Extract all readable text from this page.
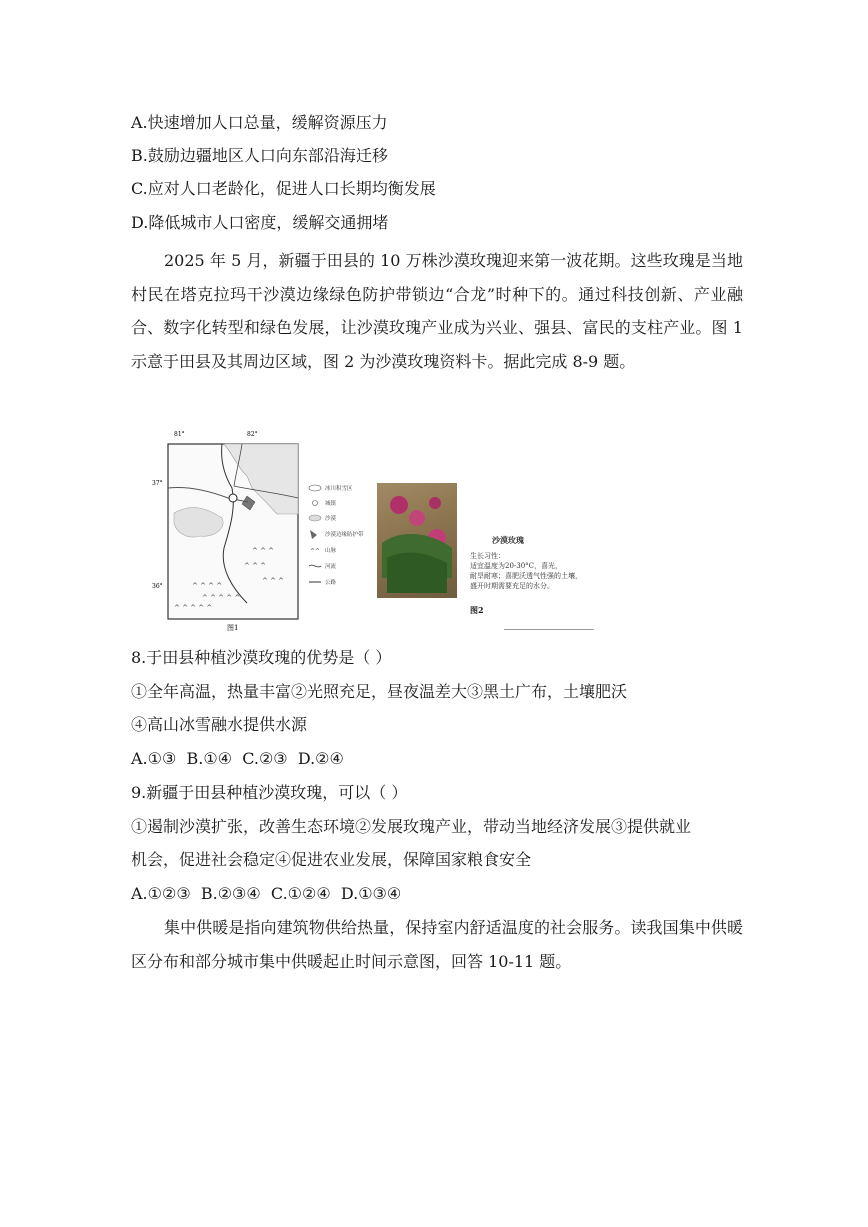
A.快速增加人口总量，缓解资源压力
B.鼓励边疆地区人口向东部沿海迁移
C.应对人口老龄化，促进人口长期均衡发展
D.降低城市人口密度，缓解交通拥堵
2025 年 5 月，新疆于田县的 10 万株沙漠玫瑰迎来第一波花期。这些玫瑰是当地村民在塔克拉玛干沙漠边缘绿色防护带锁边“合龙”时种下的。通过科技创新、产业融合、数字化转型和绿色发展，让沙漠玫瑰产业成为兴业、强县、富民的支柱产业。图 1 示意于田县及其周边区域，图 2 为沙漠玫瑰资料卡。据此完成 8-9 题。
^ ^ ^ ^
^ ^ ^ ^ ^
^ ^ ^
^ ^ ^
^ ^ ^
^ ^ ^ ^ ^
81°	82°
37°
36°
图1
冰川积雪区
城镇
沙漠
沙漠边缘防护带
^^ 山脉
河流
公路
沙漠玫瑰
生长习性：
适宜温度为20-30°C，喜光，
耐旱耐寒；喜肥沃透气性强的土壤，
盛开时期需要充足的水分。
图2
8.于田县种植沙漠玫瑰的优势是（ ）
①全年高温，热量丰富②光照充足，昼夜温差大③黑土广布，土壤肥沃
④高山冰雪融水提供水源
A.①③  B.①④  C.②③  D.②④
9.新疆于田县种植沙漠玫瑰，可以（ ）
①遏制沙漠扩张，改善生态环境②发展玫瑰产业，带动当地经济发展③提供就业
机会，促进社会稳定④促进农业发展，保障国家粮食安全
A.①②③  B.②③④  C.①②④  D.①③④
集中供暖是指向建筑物供给热量，保持室内舒适温度的社会服务。读我国集中供暖区分布和部分城市集中供暖起止时间示意图，回答 10-11 题。
